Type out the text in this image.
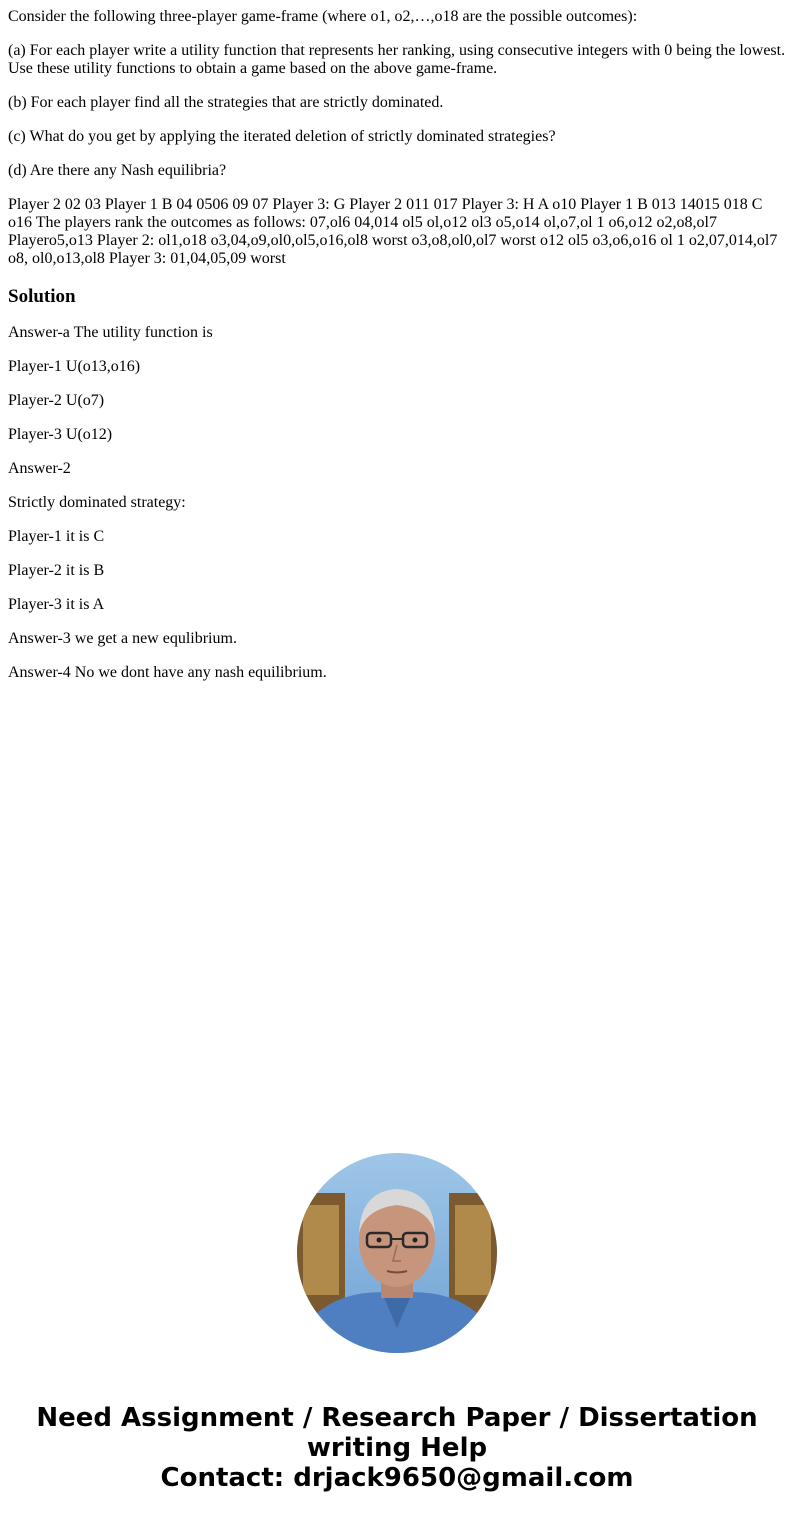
Consider the following three-player game-frame (where o1, o2,…,o18 are the possible outcomes):

(a) For each player write a utility function that represents her ranking, using consecutive integers with 0 being the lowest. Use these utility functions to obtain a game based on the above game-frame.

(b) For each player find all the strategies that are strictly dominated.

(c) What do you get by applying the iterated deletion of strictly dominated strategies?

(d) Are there any Nash equilibria?

Player 2 02 03 Player 1 B 04 0506 09 07 Player 3: G Player 2 011 017 Player 3: H A o10 Player 1 B 013 14015 018 C o16 The players rank the outcomes as follows: 07,ol6 04,014 ol5 ol,o12 ol3 o5,o14 ol,o7,ol 1 o6,o12 o2,o8,ol7 Playero5,o13 Player 2: ol1,o18 o3,04,o9,ol0,ol5,o16,ol8 worst o3,o8,ol0,ol7 worst o12 ol5 o3,o6,o16 ol 1 o2,07,014,ol7 o8, ol0,o13,ol8 Player 3: 01,04,05,09 worst

Solution

Answer-a The utility function is

Player-1 U(o13,o16)

Player-2 U(o7)

Player-3 U(o12)

Answer-2

Strictly dominated strategy:

Player-1 it is C

Player-2 it is B

Player-3 it is A

Answer-3 we get a new equlibrium.

Answer-4 No we dont have any nash equilibrium.

Need Assignment / Research Paper / Dissertation
writing Help
Contact: drjack9650@gmail.com
